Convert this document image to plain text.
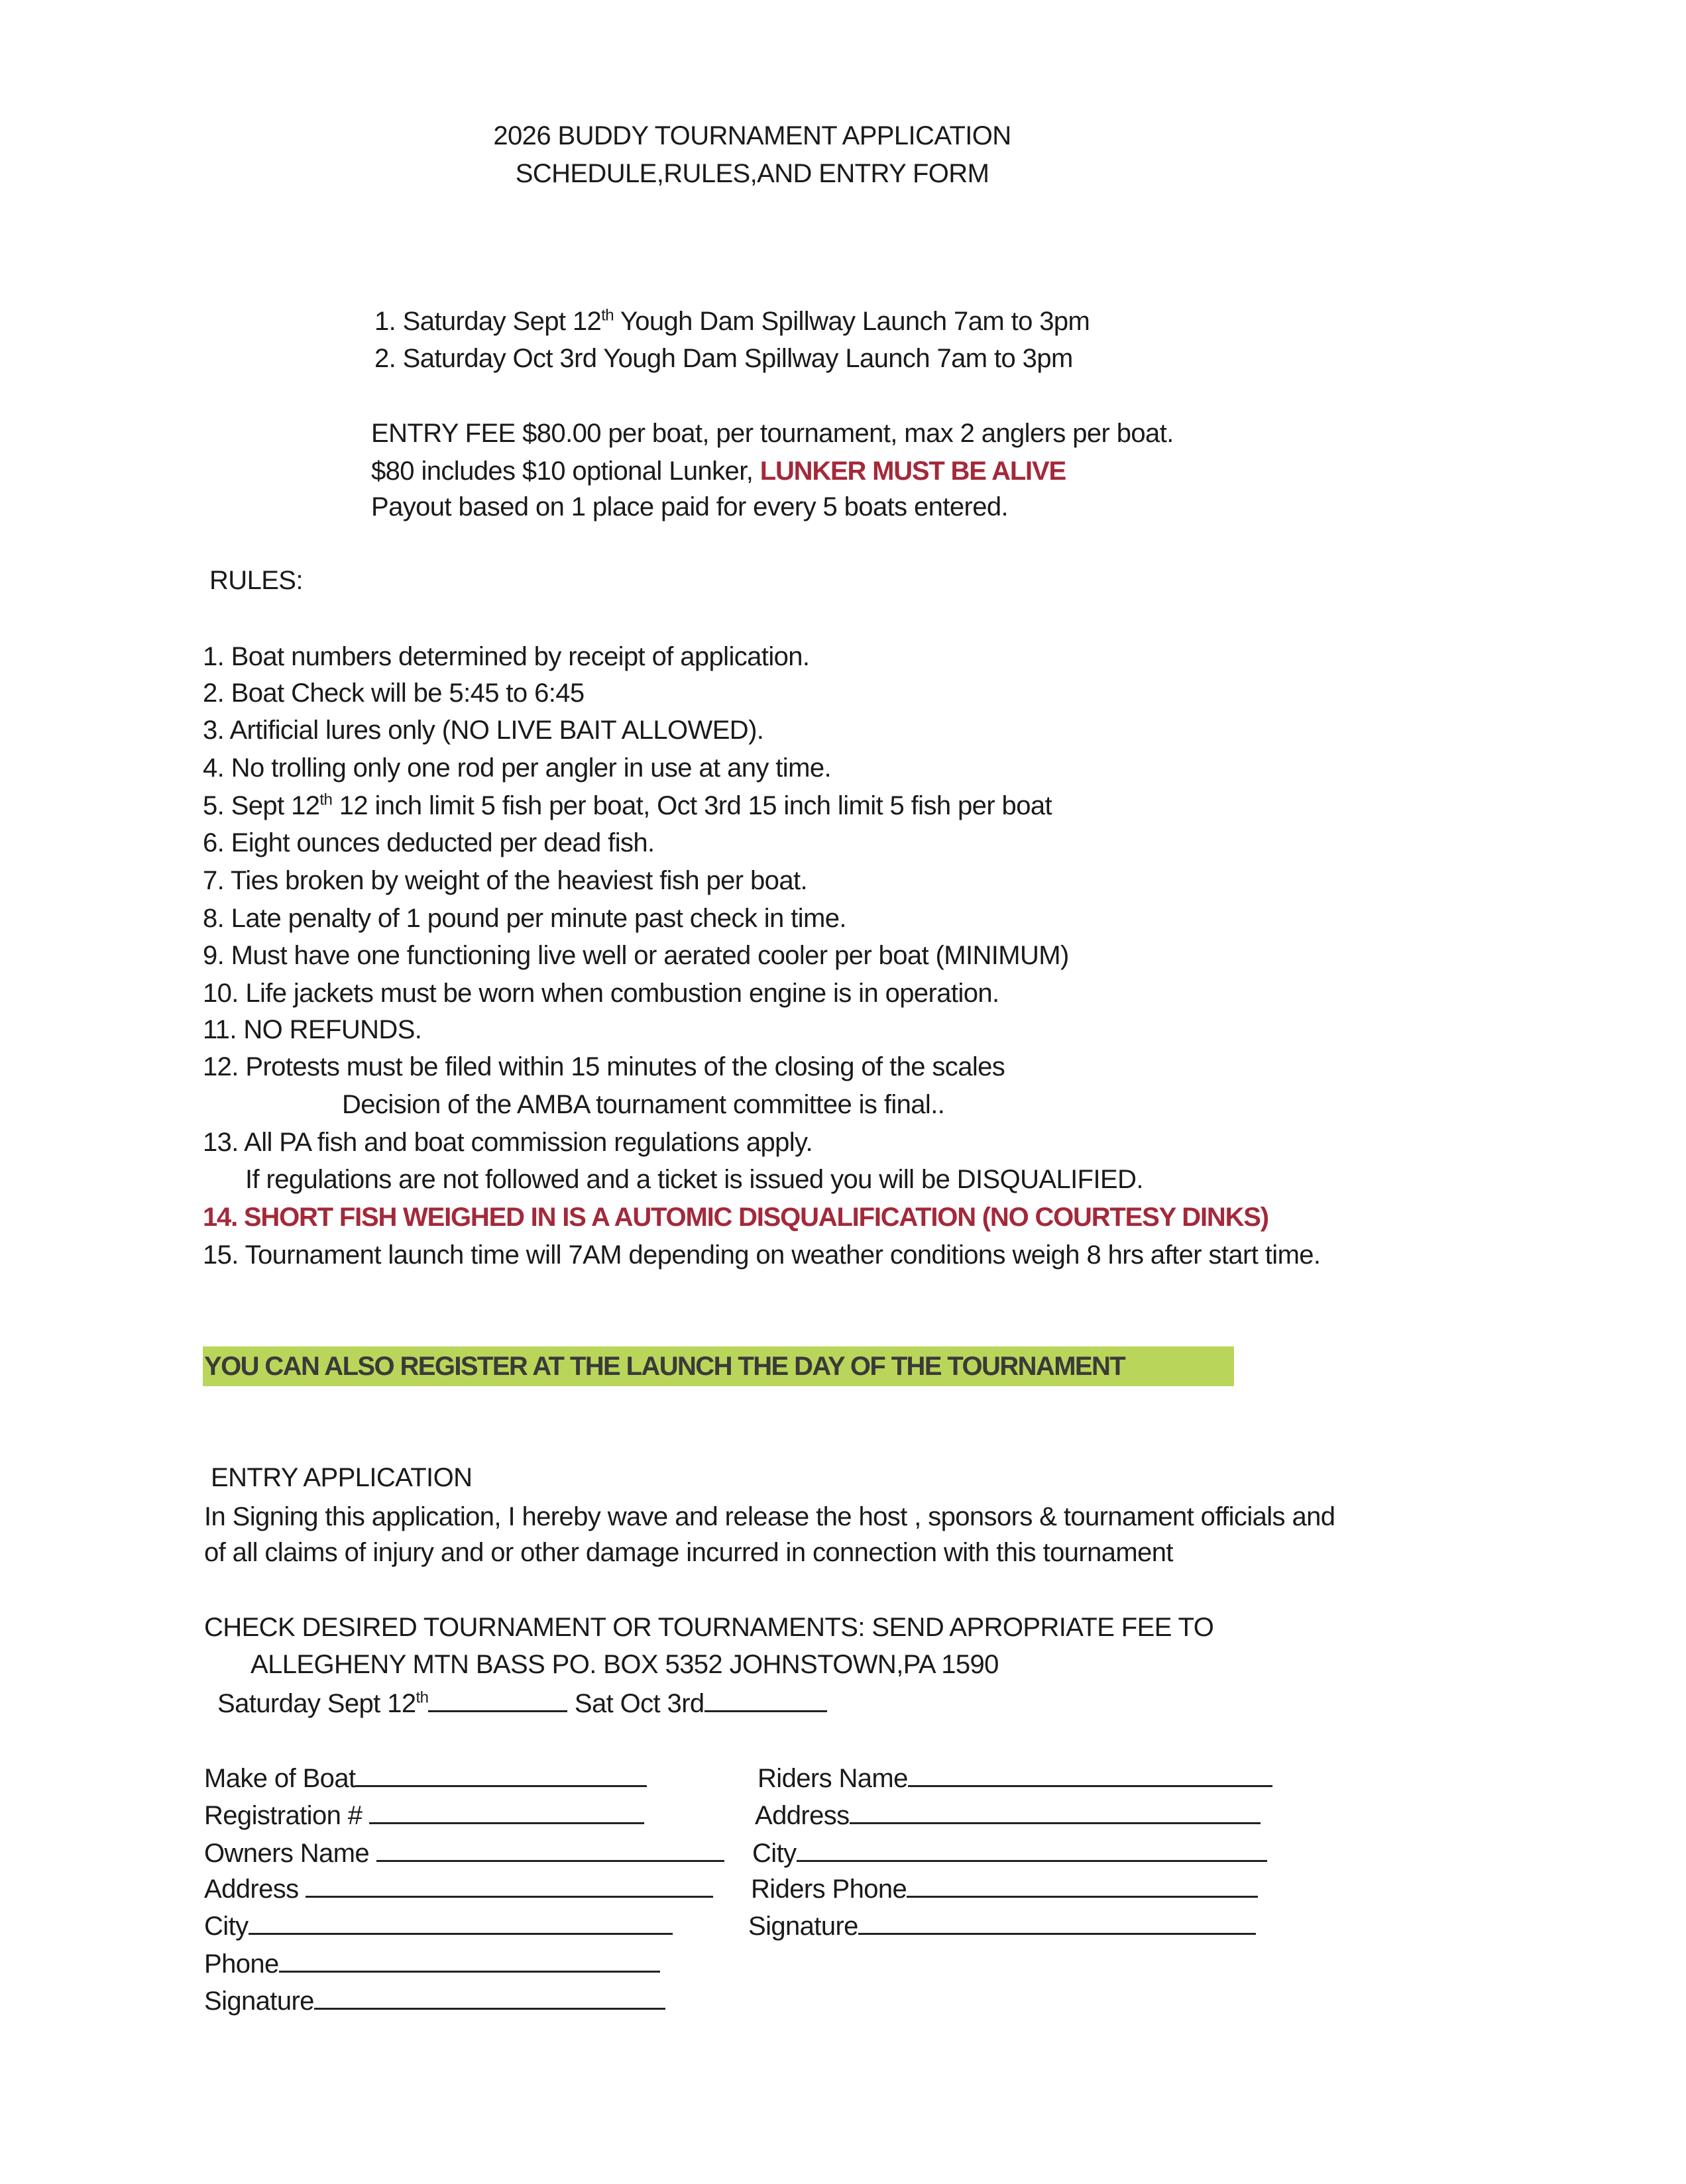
2026 BUDDY TOURNAMENT APPLICATION
SCHEDULE,RULES,AND ENTRY FORM
1. Saturday Sept 12th Yough Dam Spillway Launch 7am to 3pm
2. Saturday Oct 3rd Yough Dam Spillway Launch 7am to 3pm
ENTRY FEE $80.00 per boat, per tournament, max 2 anglers per boat.
$80 includes $10 optional Lunker, LUNKER MUST BE ALIVE
Payout based on 1 place paid for every 5 boats entered.
RULES:
1. Boat numbers determined by receipt of application.
2. Boat Check will be 5:45 to 6:45
3. Artificial lures only (NO LIVE BAIT ALLOWED).
4. No trolling only one rod per angler in use at any time.
5. Sept 12th 12 inch limit 5 fish per boat, Oct 3rd 15 inch limit 5 fish per boat
6. Eight ounces deducted per dead fish.
7. Ties broken by weight of the heaviest fish per boat.
8. Late penalty of 1 pound per minute past check in time.
9. Must have one functioning live well or aerated cooler per boat (MINIMUM)
10. Life jackets must be worn when combustion engine is in operation.
11. NO REFUNDS.
12. Protests must be filed within 15 minutes of the closing of the scales
Decision of the AMBA tournament committee is final..
13. All PA fish and boat commission regulations apply.
If regulations are not followed and a ticket is issued you will be DISQUALIFIED.
14. SHORT FISH WEIGHED IN IS A AUTOMIC DISQUALIFICATION (NO COURTESY DINKS)
15. Tournament launch time will 7AM depending on weather conditions weigh 8 hrs after start time.
YOU CAN ALSO REGISTER AT THE LAUNCH THE DAY OF THE TOURNAMENT
ENTRY APPLICATION
In Signing this application, I hereby wave and release the host , sponsors & tournament officials and
of all claims of injury and or other damage incurred in connection with this tournament
CHECK DESIRED TOURNAMENT OR TOURNAMENTS: SEND APROPRIATE FEE TO
ALLEGHENY MTN BASS PO. BOX 5352 JOHNSTOWN,PA 1590
Saturday Sept 12th	Sat Oct 3rd
Make of Boat
Registration #
Owners Name
Address
City
Phone
Signature
Riders Name
Address
City
Riders Phone
Signature
